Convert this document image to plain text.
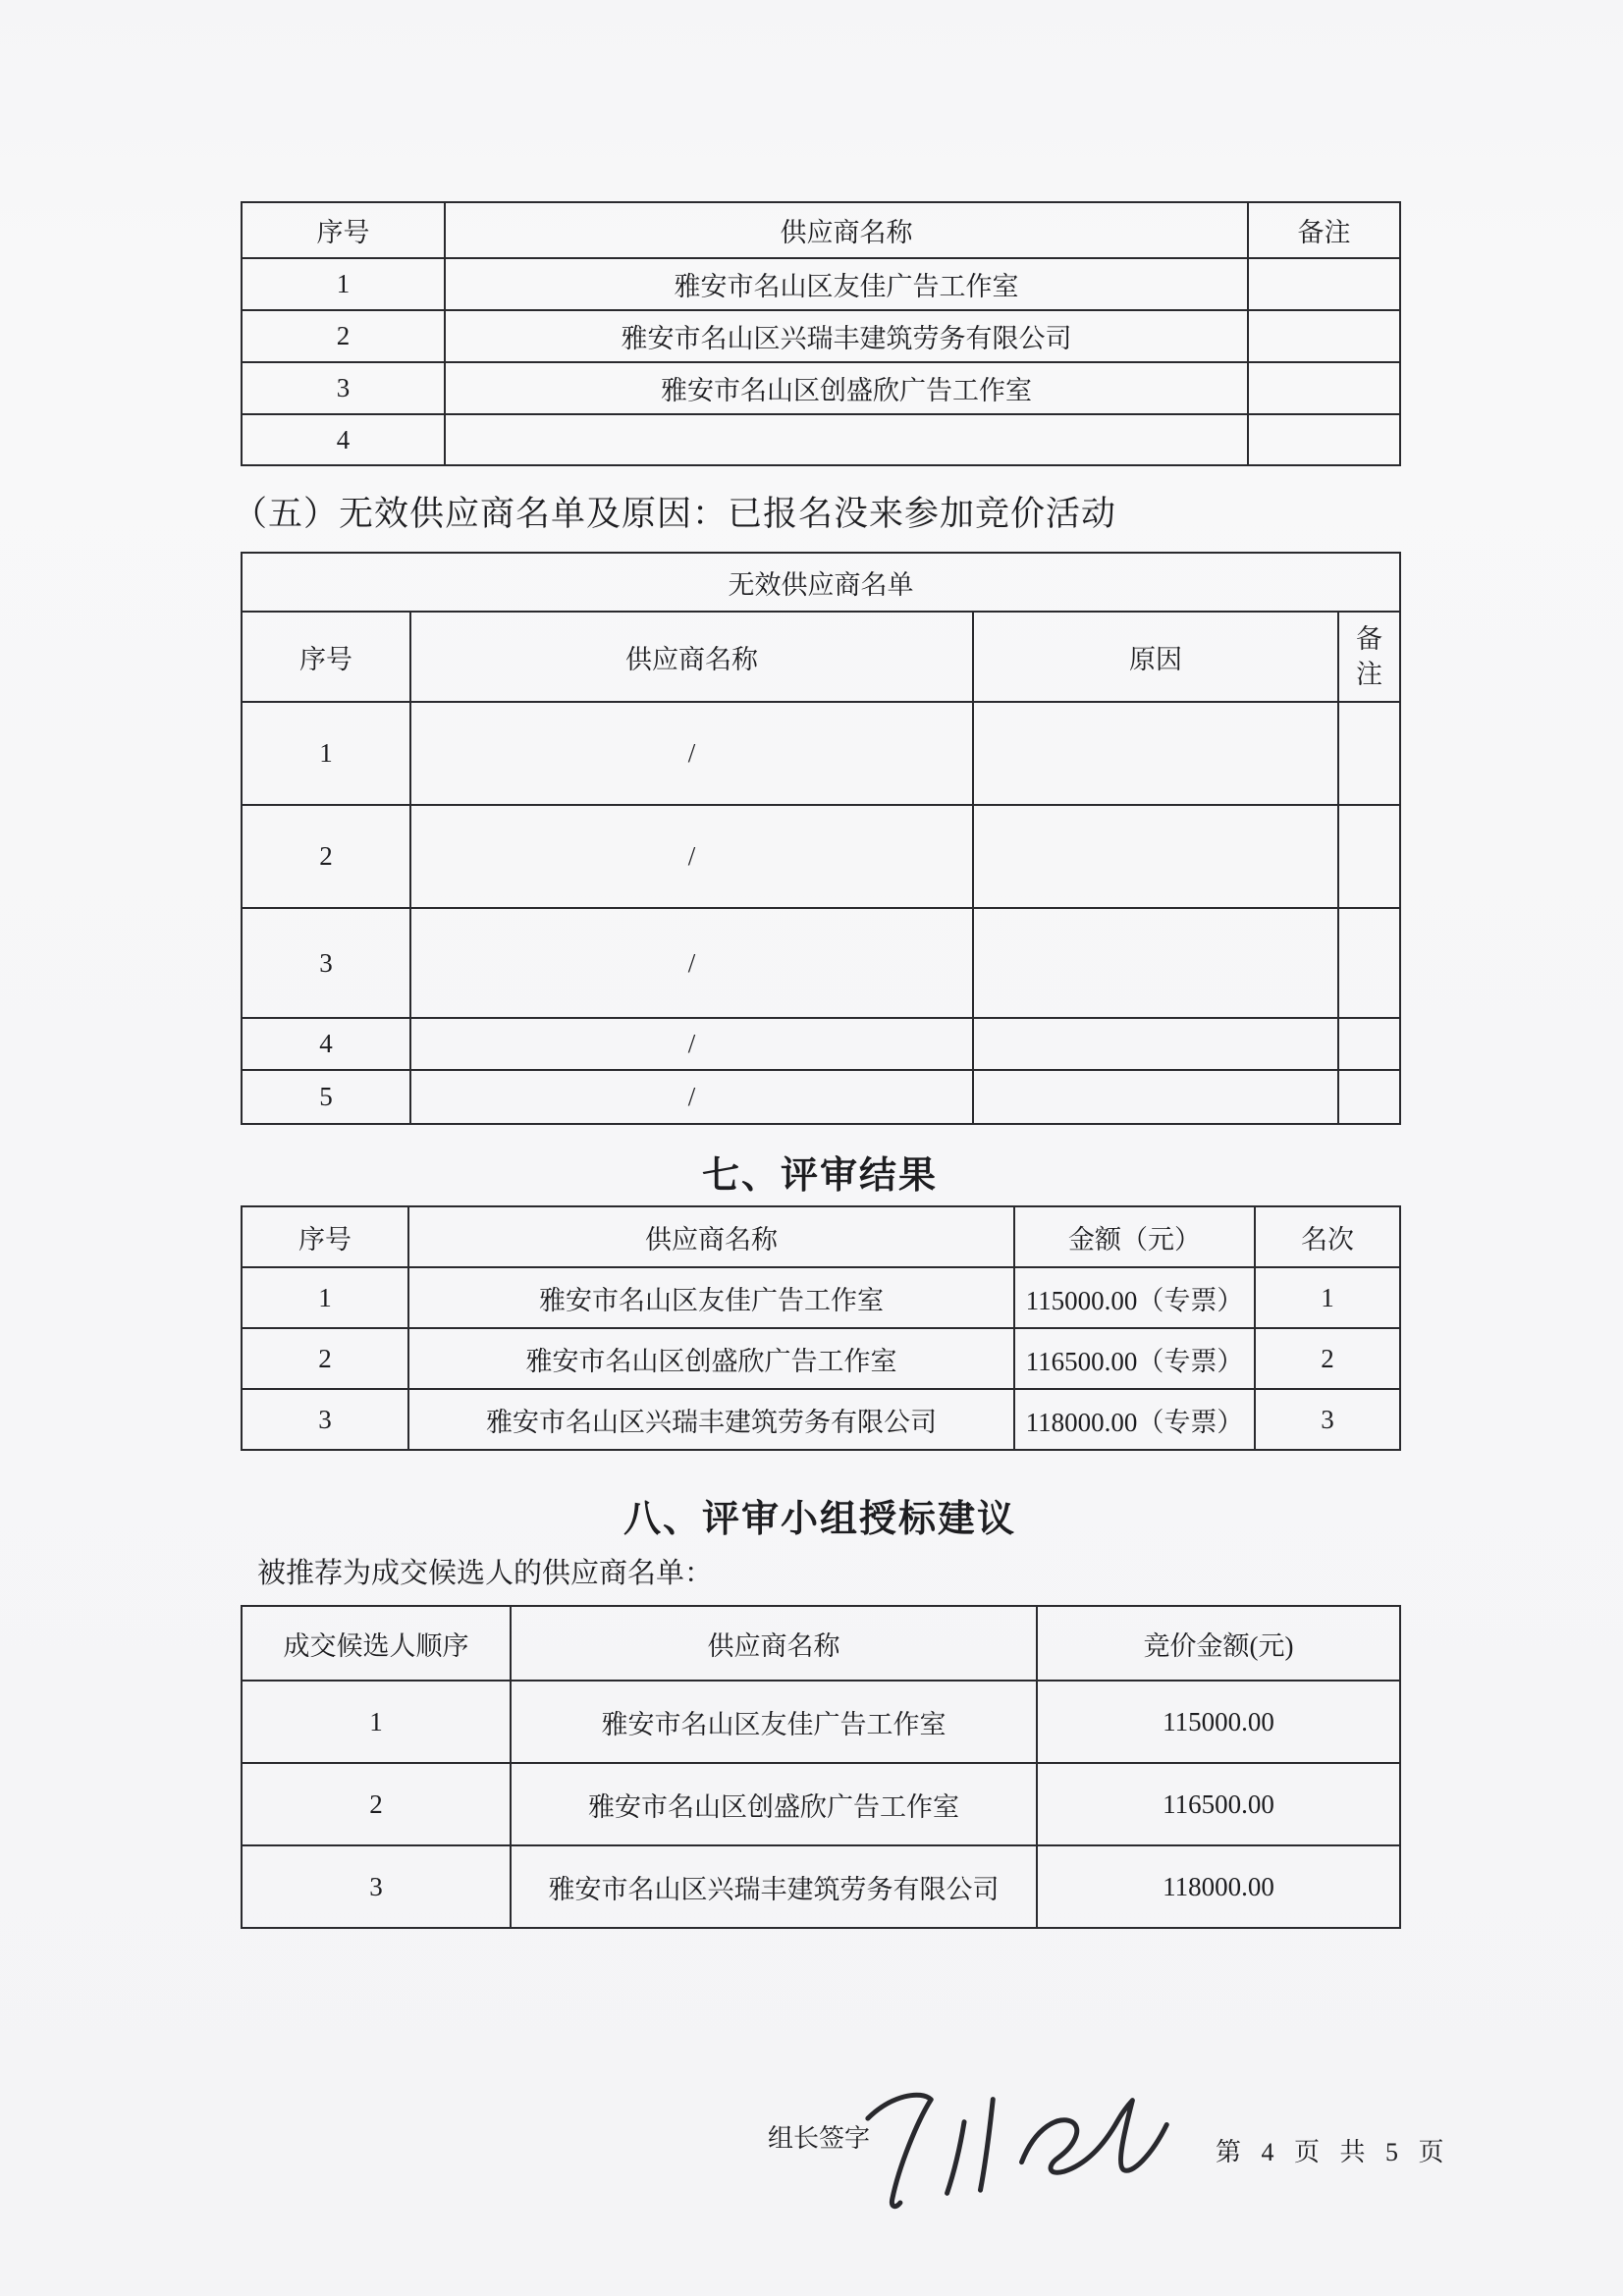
序号	供应商名称	备注
1	雅安市名山区友佳广告工作室	
2	雅安市名山区兴瑞丰建筑劳务有限公司	
3	雅安市名山区创盛欣广告工作室	
4		
（五）无效供应商名单及原因：已报名没来参加竞价活动
无效供应商名单			
序号	供应商名称	原因	备注

1	/		
2	/		
3	/		
4	/		
5	/		
七、评审结果
序号	供应商名称	金额（元）	名次
1	雅安市名山区友佳广告工作室	115000.00（专票）	1
2	雅安市名山区创盛欣广告工作室	116500.00（专票）	2
3	雅安市名山区兴瑞丰建筑劳务有限公司	118000.00（专票）	3
八、评审小组授标建议
被推荐为成交候选人的供应商名单：
成交候选人顺序	供应商名称	竞价金额(元)
1	雅安市名山区友佳广告工作室	115000.00
2	雅安市名山区创盛欣广告工作室	116500.00
3	雅安市名山区兴瑞丰建筑劳务有限公司	118000.00
组长签字	第 4 页 共 5 页
